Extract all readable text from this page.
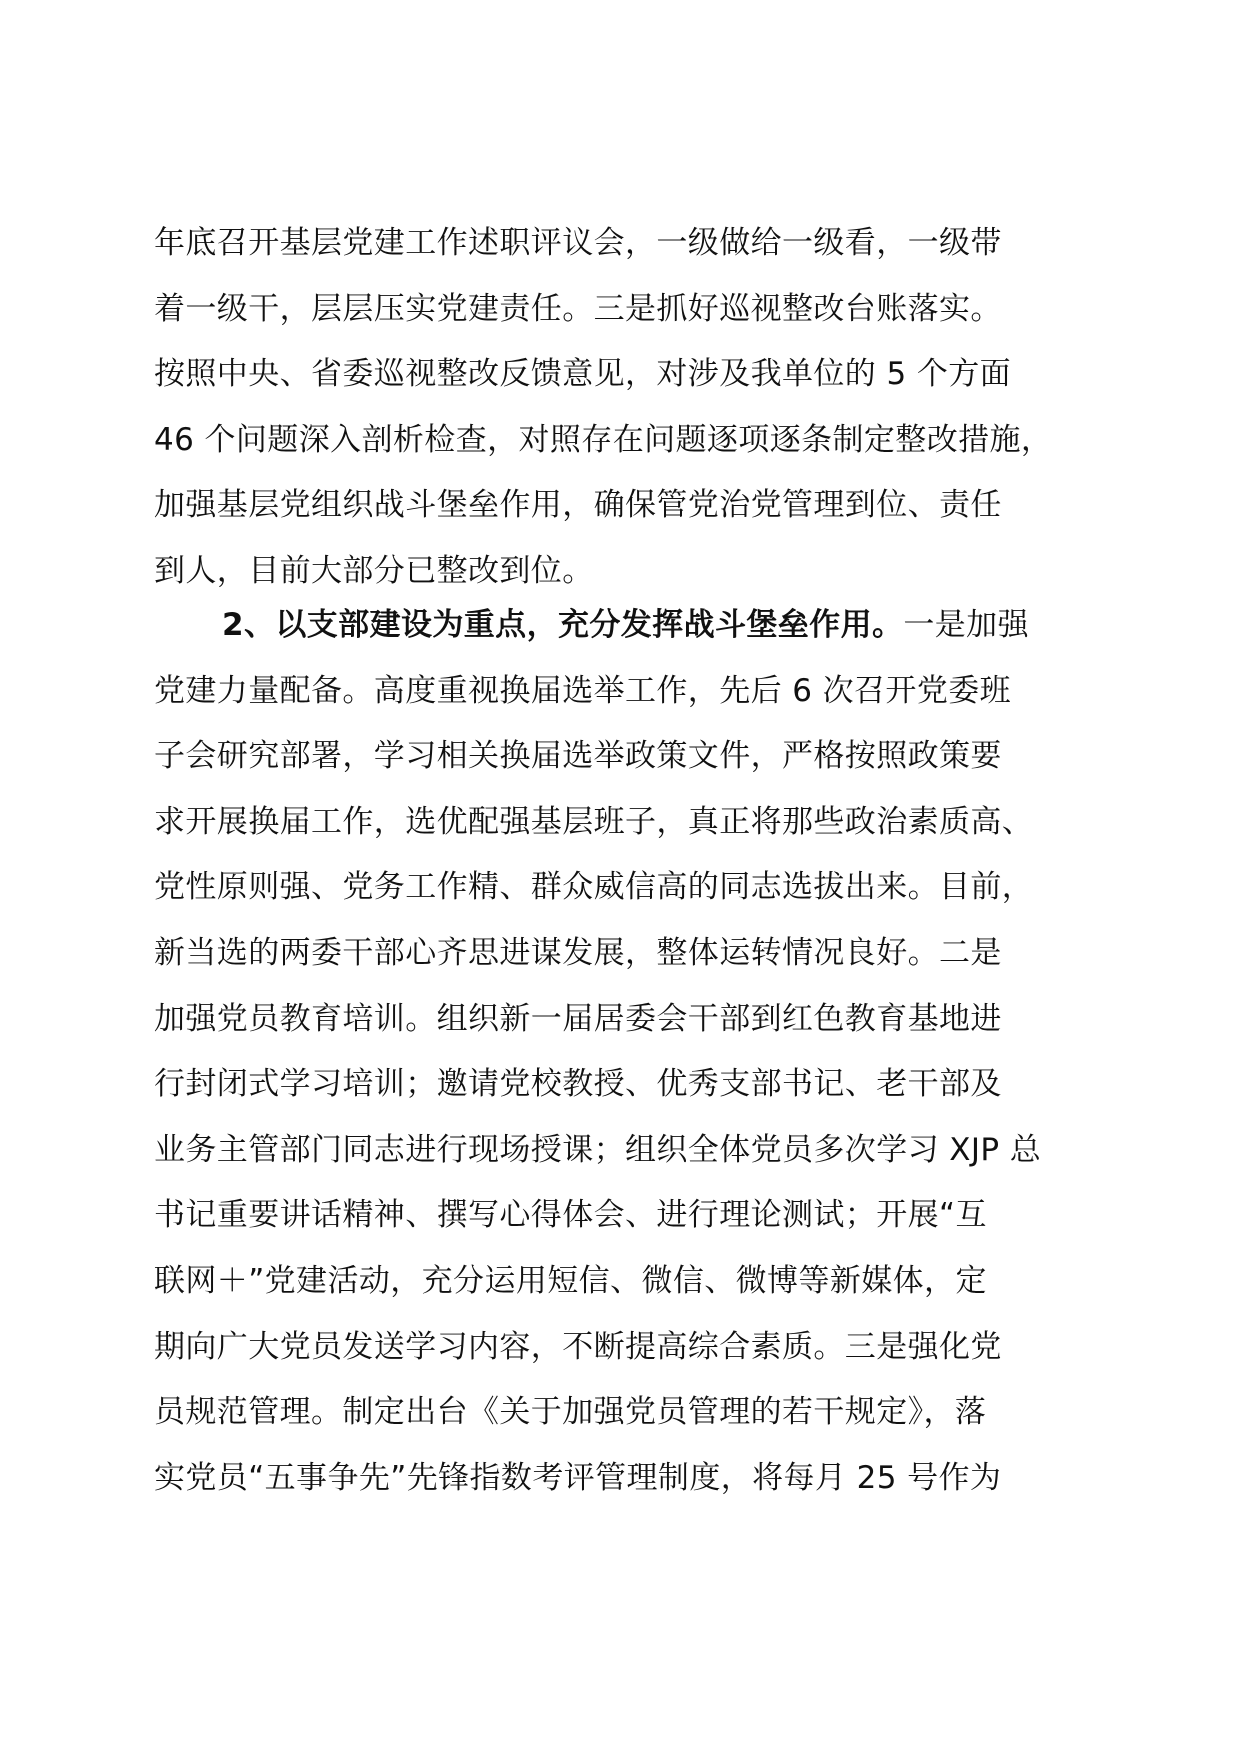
年底召开基层党建工作述职评议会，一级做给一级看，一级带
着一级干，层层压实党建责任。三是抓好巡视整改台账落实。
按照中央、省委巡视整改反馈意见，对涉及我单位的 5 个方面
46 个问题深入剖析检查，对照存在问题逐项逐条制定整改措施，
加强基层党组织战斗堡垒作用，确保管党治党管理到位、责任
到人，目前大部分已整改到位。
2、以支部建设为重点，充分发挥战斗堡垒作用。一是加强
党建力量配备。高度重视换届选举工作，先后 6 次召开党委班
子会研究部署，学习相关换届选举政策文件，严格按照政策要
求开展换届工作，选优配强基层班子，真正将那些政治素质高、
党性原则强、党务工作精、群众威信高的同志选拔出来。目前，
新当选的两委干部心齐思进谋发展，整体运转情况良好。二是
加强党员教育培训。组织新一届居委会干部到红色教育基地进
行封闭式学习培训；邀请党校教授、优秀支部书记、老干部及
业务主管部门同志进行现场授课；组织全体党员多次学习 XJP 总
书记重要讲话精神、撰写心得体会、进行理论测试；开展“互
联网＋”党建活动，充分运用短信、微信、微博等新媒体，定
期向广大党员发送学习内容，不断提高综合素质。三是强化党
员规范管理。制定出台《关于加强党员管理的若干规定》，落
实党员“五事争先”先锋指数考评管理制度，将每月 25 号作为
